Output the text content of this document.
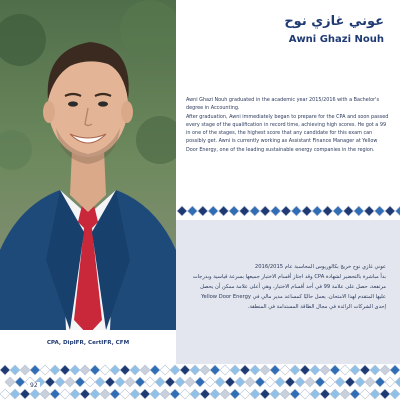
CPA, DipIFR, CertIFR, CFM
عوني غازي نوح
Awni Ghazi Nouh

Awni Ghazi Nouh graduated in the academic year 2015/2016 with a Bachelor's degree in Accounting.

After graduation, Awni immediately began to prepare for the CPA and soon passed every stage of the qualification in record time, achieving high scores. He got a 99 in one of the stages, the highest score that any candidate for this exam can possibly get. Awni is currently working as Assistant Finance Manager at Yellow Door Energy, one of the leading sustainable energy companies in the region.

عوني غازي نوح خريج بكالوريوس المحاسبة عام 2016/2015

بدأ مباشرة بالتحضير لشهادة CPA وقد اجتاز أقسام الاختبار جميعها بسرعة قياسية وبدرجات مرتفعة، حصل على علامة 99 في أحد أقسام الاختبار، وهي أعلى علامة ممكن أن يحصل عليها المتقدم لهذا الامتحان. يعمل حاليًا كمساعد مدير مالي في Yellow Door Energy إحدى الشركات الرائدة في مجال الطاقة المستدامة في المنطقة.

92
